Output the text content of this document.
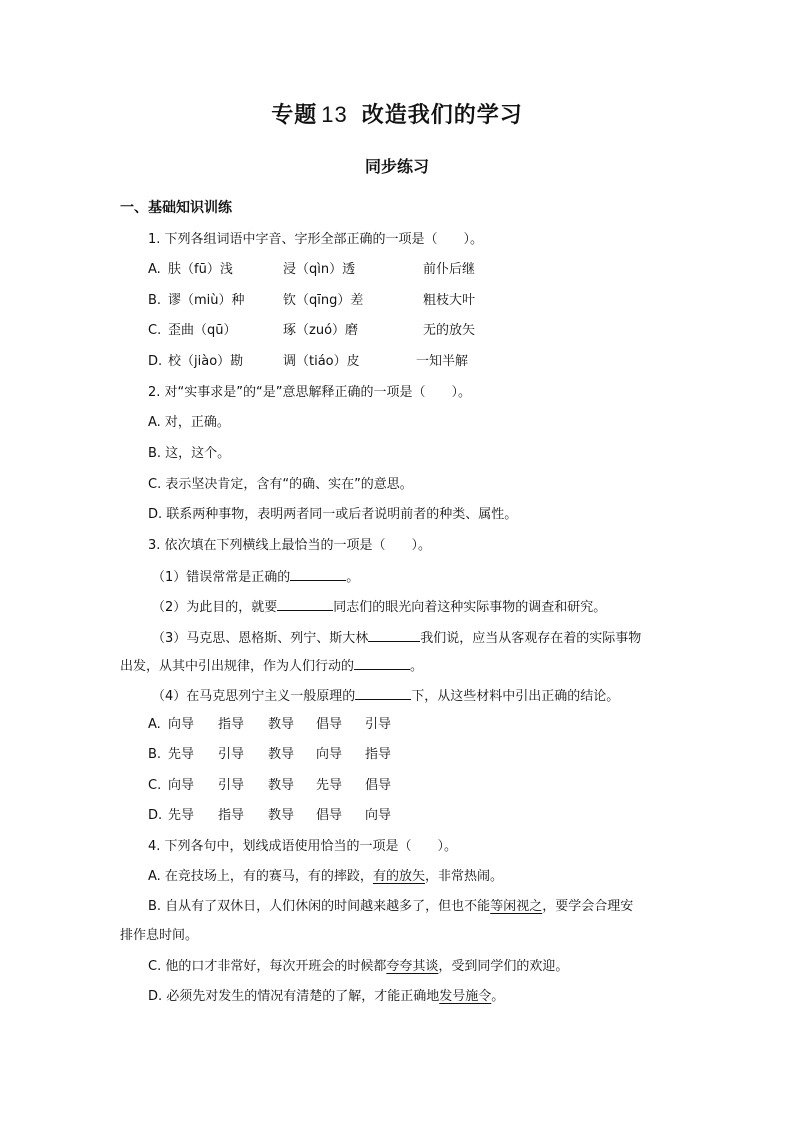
专题 13 改造我们的学习
同步练习
一、基础知识训练
1. 下列各组词语中字音、字形全部正确的一项是（　　）。
A. 肤（fū）浅	浸（qìn）透	前仆后继
B. 谬（miù）种	钦（qīng）差	粗枝大叶
C. 歪曲（qū）	琢（zuó）磨	无的放矢
D. 校（jiào）勘	调（tiáo）皮	一知半解
2. 对“实事求是”的“是”意思解释正确的一项是（　　）。
A. 对，正确。
B. 这，这个。
C. 表示坚决肯定，含有“的确、实在”的意思。
D. 联系两种事物，表明两者同一或后者说明前者的种类、属性。
3. 依次填在下列横线上最恰当的一项是（　　）。
（1）错误常常是正确的	。
（2）为此目的，就要	同志们的眼光向着这种实际事物的调查和研究。
（3）马克思、恩格斯、列宁、斯大林	我们说，应当从客观存在着的实际事物
出发，从其中引出规律，作为人们行动的	。
（4）在马克思列宁主义一般原理的	下，从这些材料中引出正确的结论。
A. 向导 指导 教导 倡导 引导
B. 先导 引导 教导 向导 指导
C. 向导 引导 教导 先导 倡导
D. 先导 指导 教导 倡导 向导
4. 下列各句中，划线成语使用恰当的一项是（　　）。
A. 在竞技场上，有的赛马，有的摔跤，有的放矢，非常热闹。
B. 自从有了双休日，人们休闲的时间越来越多了，但也不能等闲视之，要学会合理安
排作息时间。
C. 他的口才非常好，每次开班会的时候都夸夸其谈，受到同学们的欢迎。
D. 必须先对发生的情况有清楚的了解，才能正确地发号施令。
